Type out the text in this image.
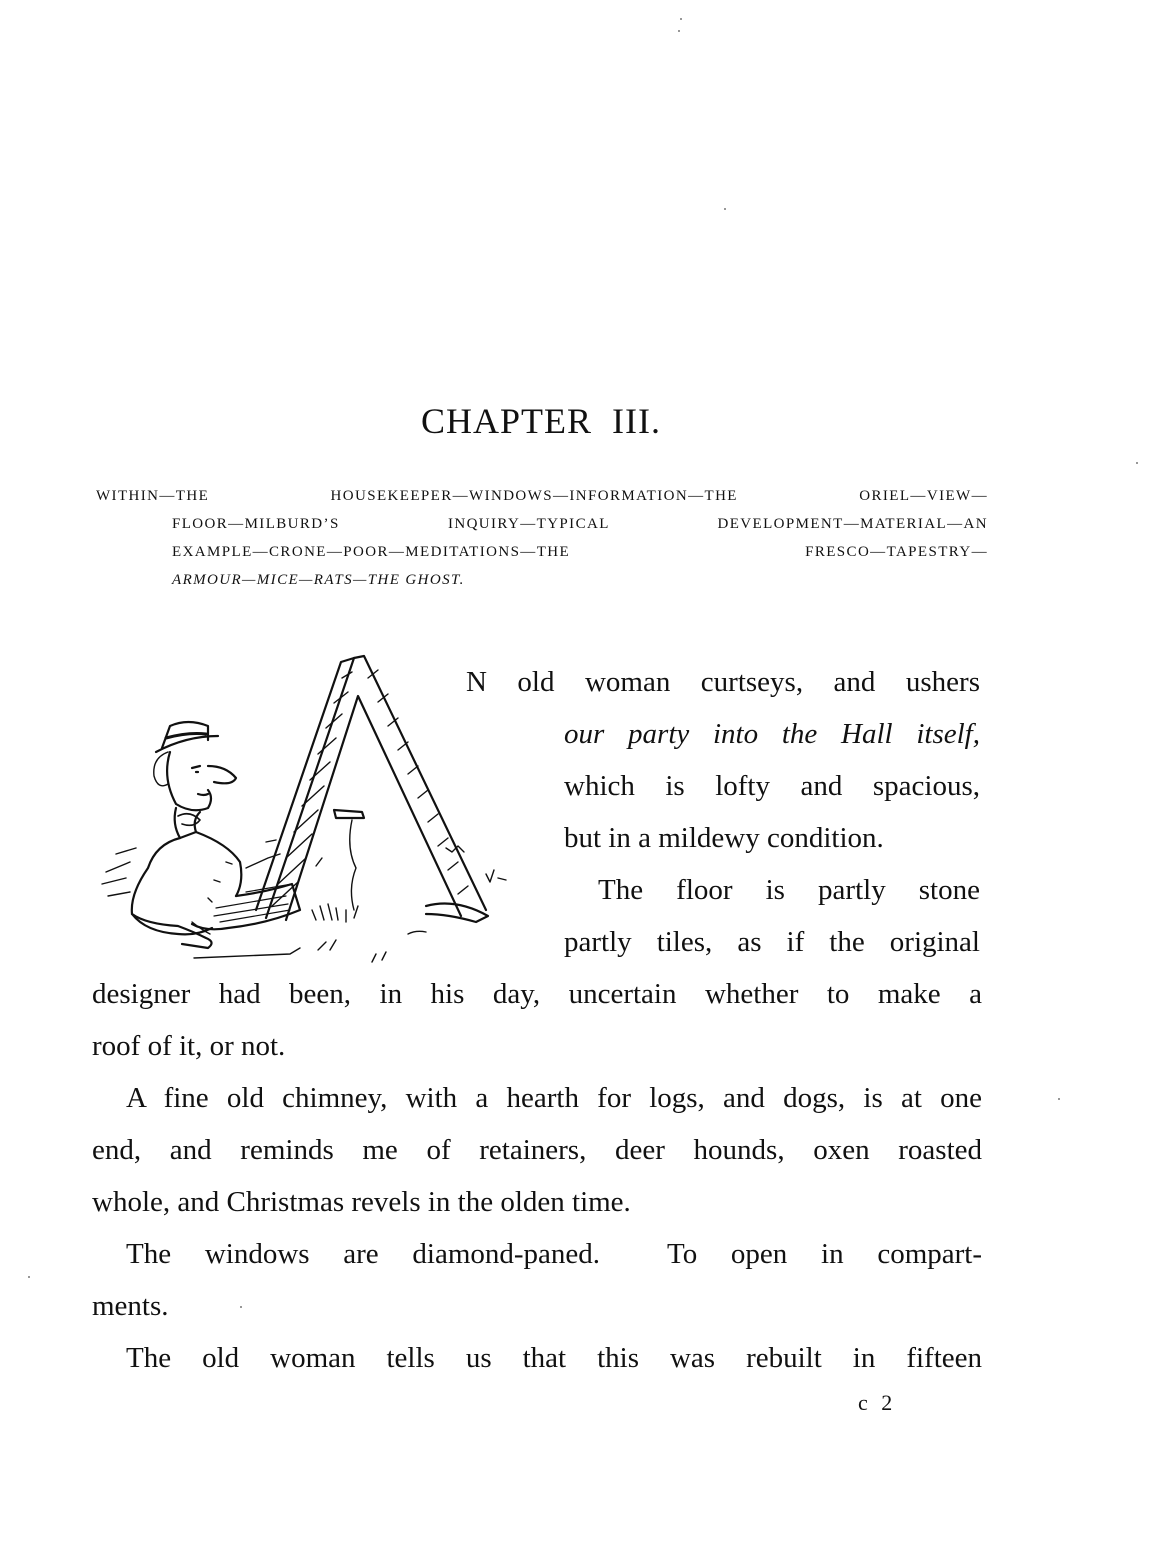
CHAPTER  III.
WITHIN—THE HOUSEKEEPER—WINDOWS—INFORMATION—THE ORIEL—VIEW—
FLOOR—MILBURD’S INQUIRY—TYPICAL DEVELOPMENT—MATERIAL—AN
EXAMPLE—CRONE—POOR—MEDITATIONS—THE FRESCO—TAPESTRY—
ARMOUR—MICE—RATS—THE GHOST.
N old woman curtseys, and ushers
our party into the Hall itself,
which is lofty and spacious,
but in a mildewy condition.
The floor is partly stone
partly tiles, as if the original
designer had been, in his day, uncertain whether to make a
roof of it, or not.
A fine old chimney, with a hearth for logs, and dogs, is at one
end, and reminds me of retainers, deer hounds, oxen roasted
whole, and Christmas revels in the olden time.
The windows are diamond-paned.  To open in compart-
ments.
The old woman tells us that this was rebuilt in fifteen
c 2
